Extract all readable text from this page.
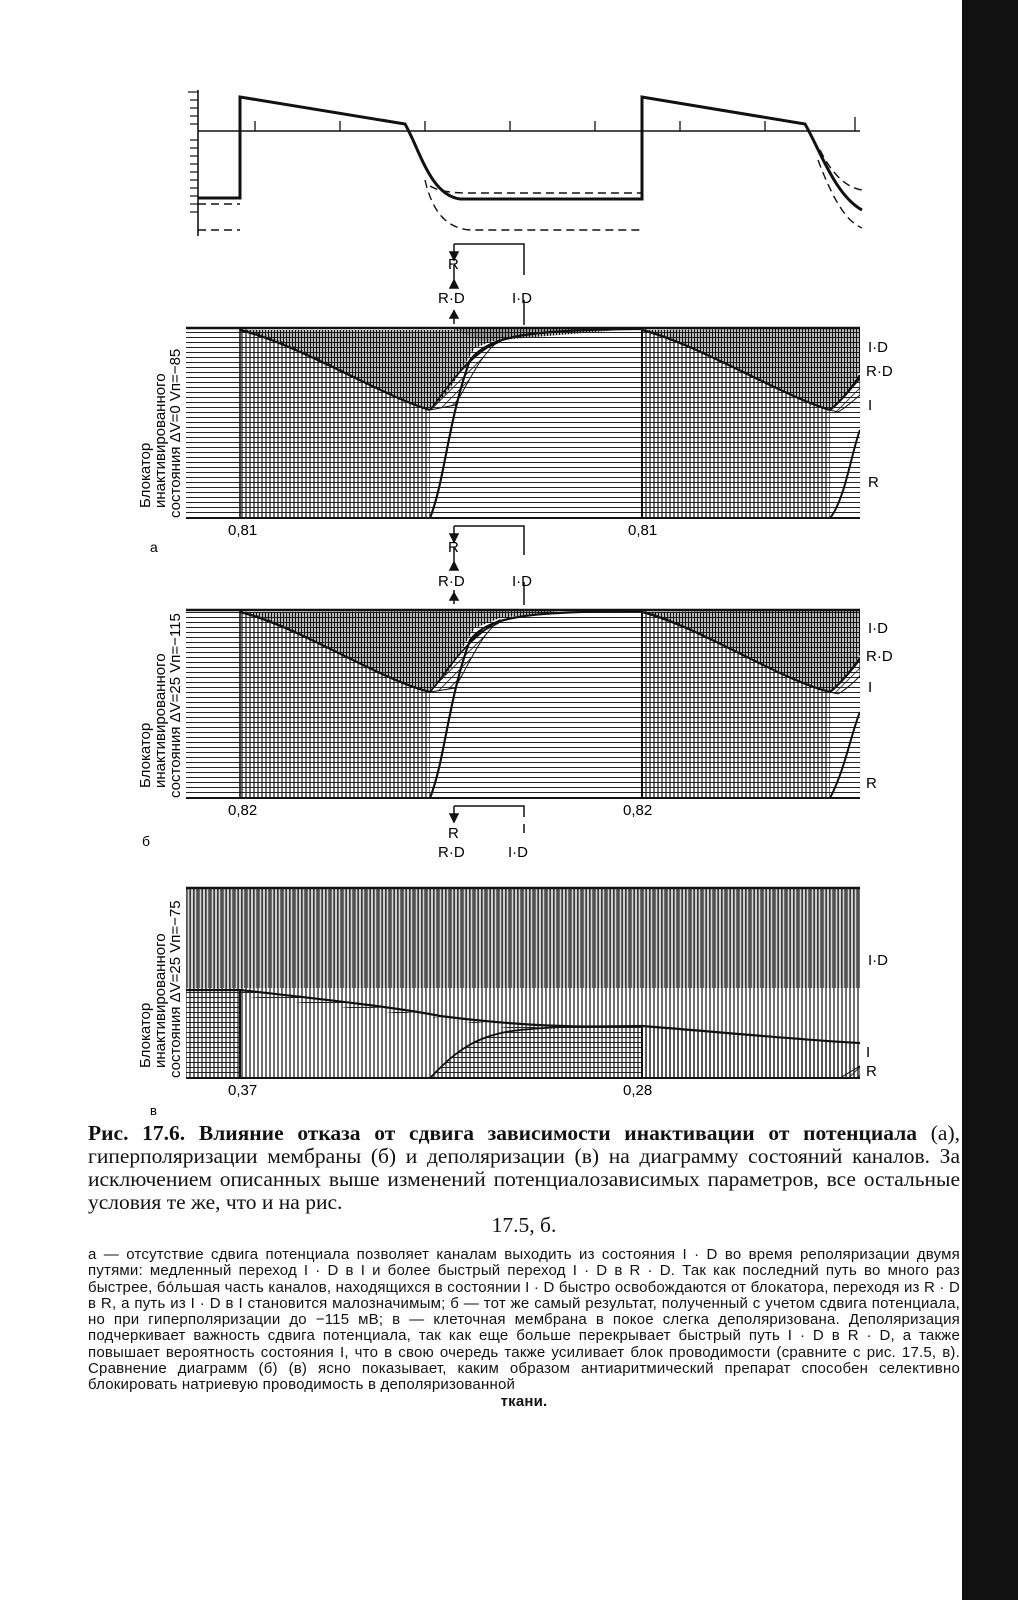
R
R·D	I·D
0,81	0,81
I·D
R·D
I
R
а
Блокатор
инактивированного
состояния ΔV=0 Vп=−85
R
R·D	I·D
0,82	0,82
I·D
R·D
I
R
б
Блокатор
инактивированного
состояния ΔV=25 Vп=−115
R
R·D	I·D
0,37	0,28
I·D
I
R
в
Блокатор
инактивированного
состояния ΔV=25 Vп=−75
Рис. 17.6. Влияние отказа от сдвига зависимости инактивации от потенциала (а), гиперполяризации мембраны (б) и деполяризации (в) на диаграмму состояний каналов. За исключением описанных выше изменений потенциалозависимых параметров, все остальные условия те же, что и на рис.
17.5, б.
а — отсутствие сдвига потенциала позволяет каналам выходить из состояния I · D во время реполяризации двумя путями: медленный переход I · D в I и более быстрый переход I · D в R · D. Так как последний путь во много раз быстрее, бо́льшая часть каналов, находящихся в состоянии I · D быстро освобождаются от блокатора, переходя из R · D в R, а путь из I · D в I становится малозначимым; б — тот же самый результат, полученный с учетом сдвига потенциала, но при гиперполяризации до −115 мВ; в — клеточная мембрана в покое слегка деполяризована. Деполяризация подчеркивает важность сдвига потенциала, так как еще больше перекрывает быстрый путь I · D в R · D, а также повышает вероятность состояния I, что в свою очередь также усиливает блок проводимости (сравните с рис. 17.5, в). Сравнение диаграмм (б) (в) ясно показывает, каким образом антиаритмический препарат способен селективно блокировать натриевую проводимость в деполяризованной
ткани.
